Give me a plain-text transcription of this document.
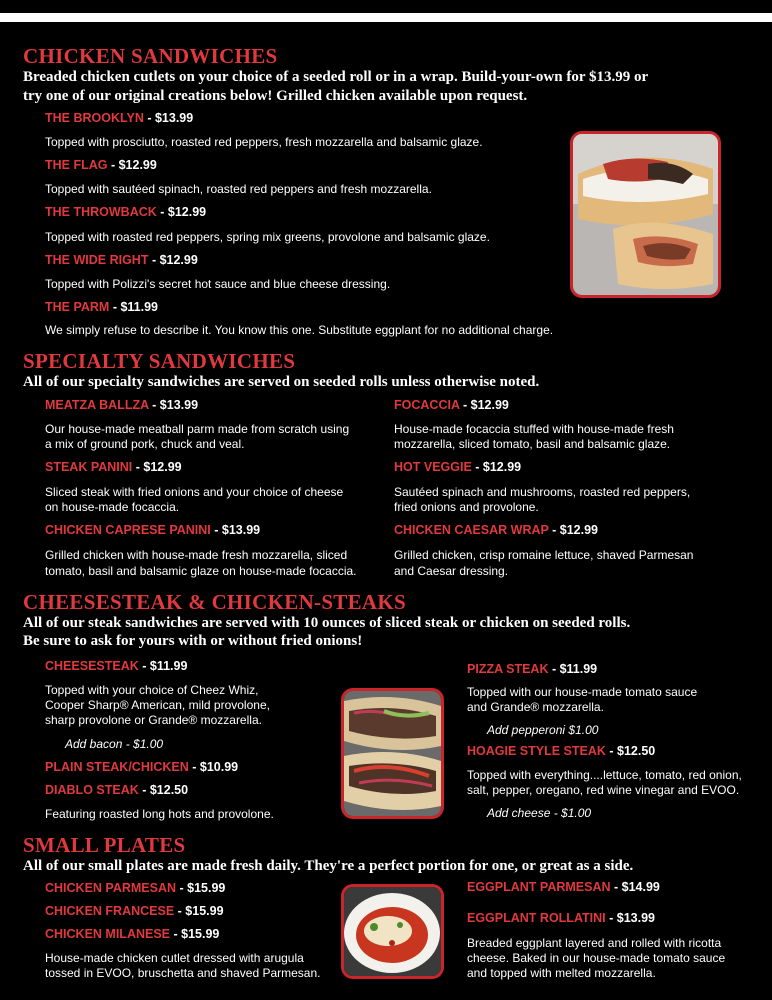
CHICKEN SANDWICHES
Breaded chicken cutlets on your choice of a seeded roll or in a wrap. Build-your-own for $13.99 or
try one of our original creations below! Grilled chicken available upon request.
THE BROOKLYN - $13.99
Topped with prosciutto, roasted red peppers, fresh mozzarella and balsamic glaze.
THE FLAG - $12.99
Topped with sautéed spinach, roasted red peppers and fresh mozzarella.
THE THROWBACK - $12.99
Topped with roasted red peppers, spring mix greens, provolone and balsamic glaze.
THE WIDE RIGHT - $12.99
Topped with Polizzi's secret hot sauce and blue cheese dressing.
THE PARM - $11.99
We simply refuse to describe it. You know this one. Substitute eggplant for no additional charge.
SPECIALTY SANDWICHES
All of our specialty sandwiches are served on seeded rolls unless otherwise noted.
MEATZA BALLZA - $13.99
Our house-made meatball parm made from scratch using
a mix of ground pork, chuck and veal.
STEAK PANINI - $12.99
Sliced steak with fried onions and your choice of cheese
on house-made focaccia.
CHICKEN CAPRESE PANINI - $13.99
Grilled chicken with house-made fresh mozzarella, sliced
tomato, basil and balsamic glaze on house-made focaccia.
FOCACCIA - $12.99
House-made focaccia stuffed with house-made fresh
mozzarella, sliced tomato, basil and balsamic glaze.
HOT VEGGIE - $12.99
Sautéed spinach and mushrooms, roasted red peppers,
fried onions and provolone.
CHICKEN CAESAR WRAP - $12.99
Grilled chicken, crisp romaine lettuce, shaved Parmesan
and Caesar dressing.
CHEESESTEAK & CHICKEN-STEAKS
All of our steak sandwiches are served with 10 ounces of sliced steak or chicken on seeded rolls.
Be sure to ask for yours with or without fried onions!
CHEESESTEAK - $11.99
Topped with your choice of Cheez Whiz,
Cooper Sharp® American, mild provolone,
sharp provolone or Grande® mozzarella.
Add bacon - $1.00
PLAIN STEAK/CHICKEN - $10.99
DIABLO STEAK - $12.50
Featuring roasted long hots and provolone.
PIZZA STEAK - $11.99
Topped with our house-made tomato sauce
and Grande® mozzarella.
Add pepperoni $1.00
HOAGIE STYLE STEAK - $12.50
Topped with everything....lettuce, tomato, red onion,
salt, pepper, oregano, red wine vinegar and EVOO.
Add cheese - $1.00
SMALL PLATES
All of our small plates are made fresh daily. They're a perfect portion for one, or great as a side.
CHICKEN PARMESAN - $15.99
CHICKEN FRANCESE - $15.99
CHICKEN MILANESE - $15.99
House-made chicken cutlet dressed with arugula
tossed in EVOO, bruschetta and shaved Parmesan.
EGGPLANT PARMESAN - $14.99
EGGPLANT ROLLATINI - $13.99
Breaded eggplant layered and rolled with ricotta
cheese. Baked in our house-made tomato sauce
and topped with melted mozzarella.
